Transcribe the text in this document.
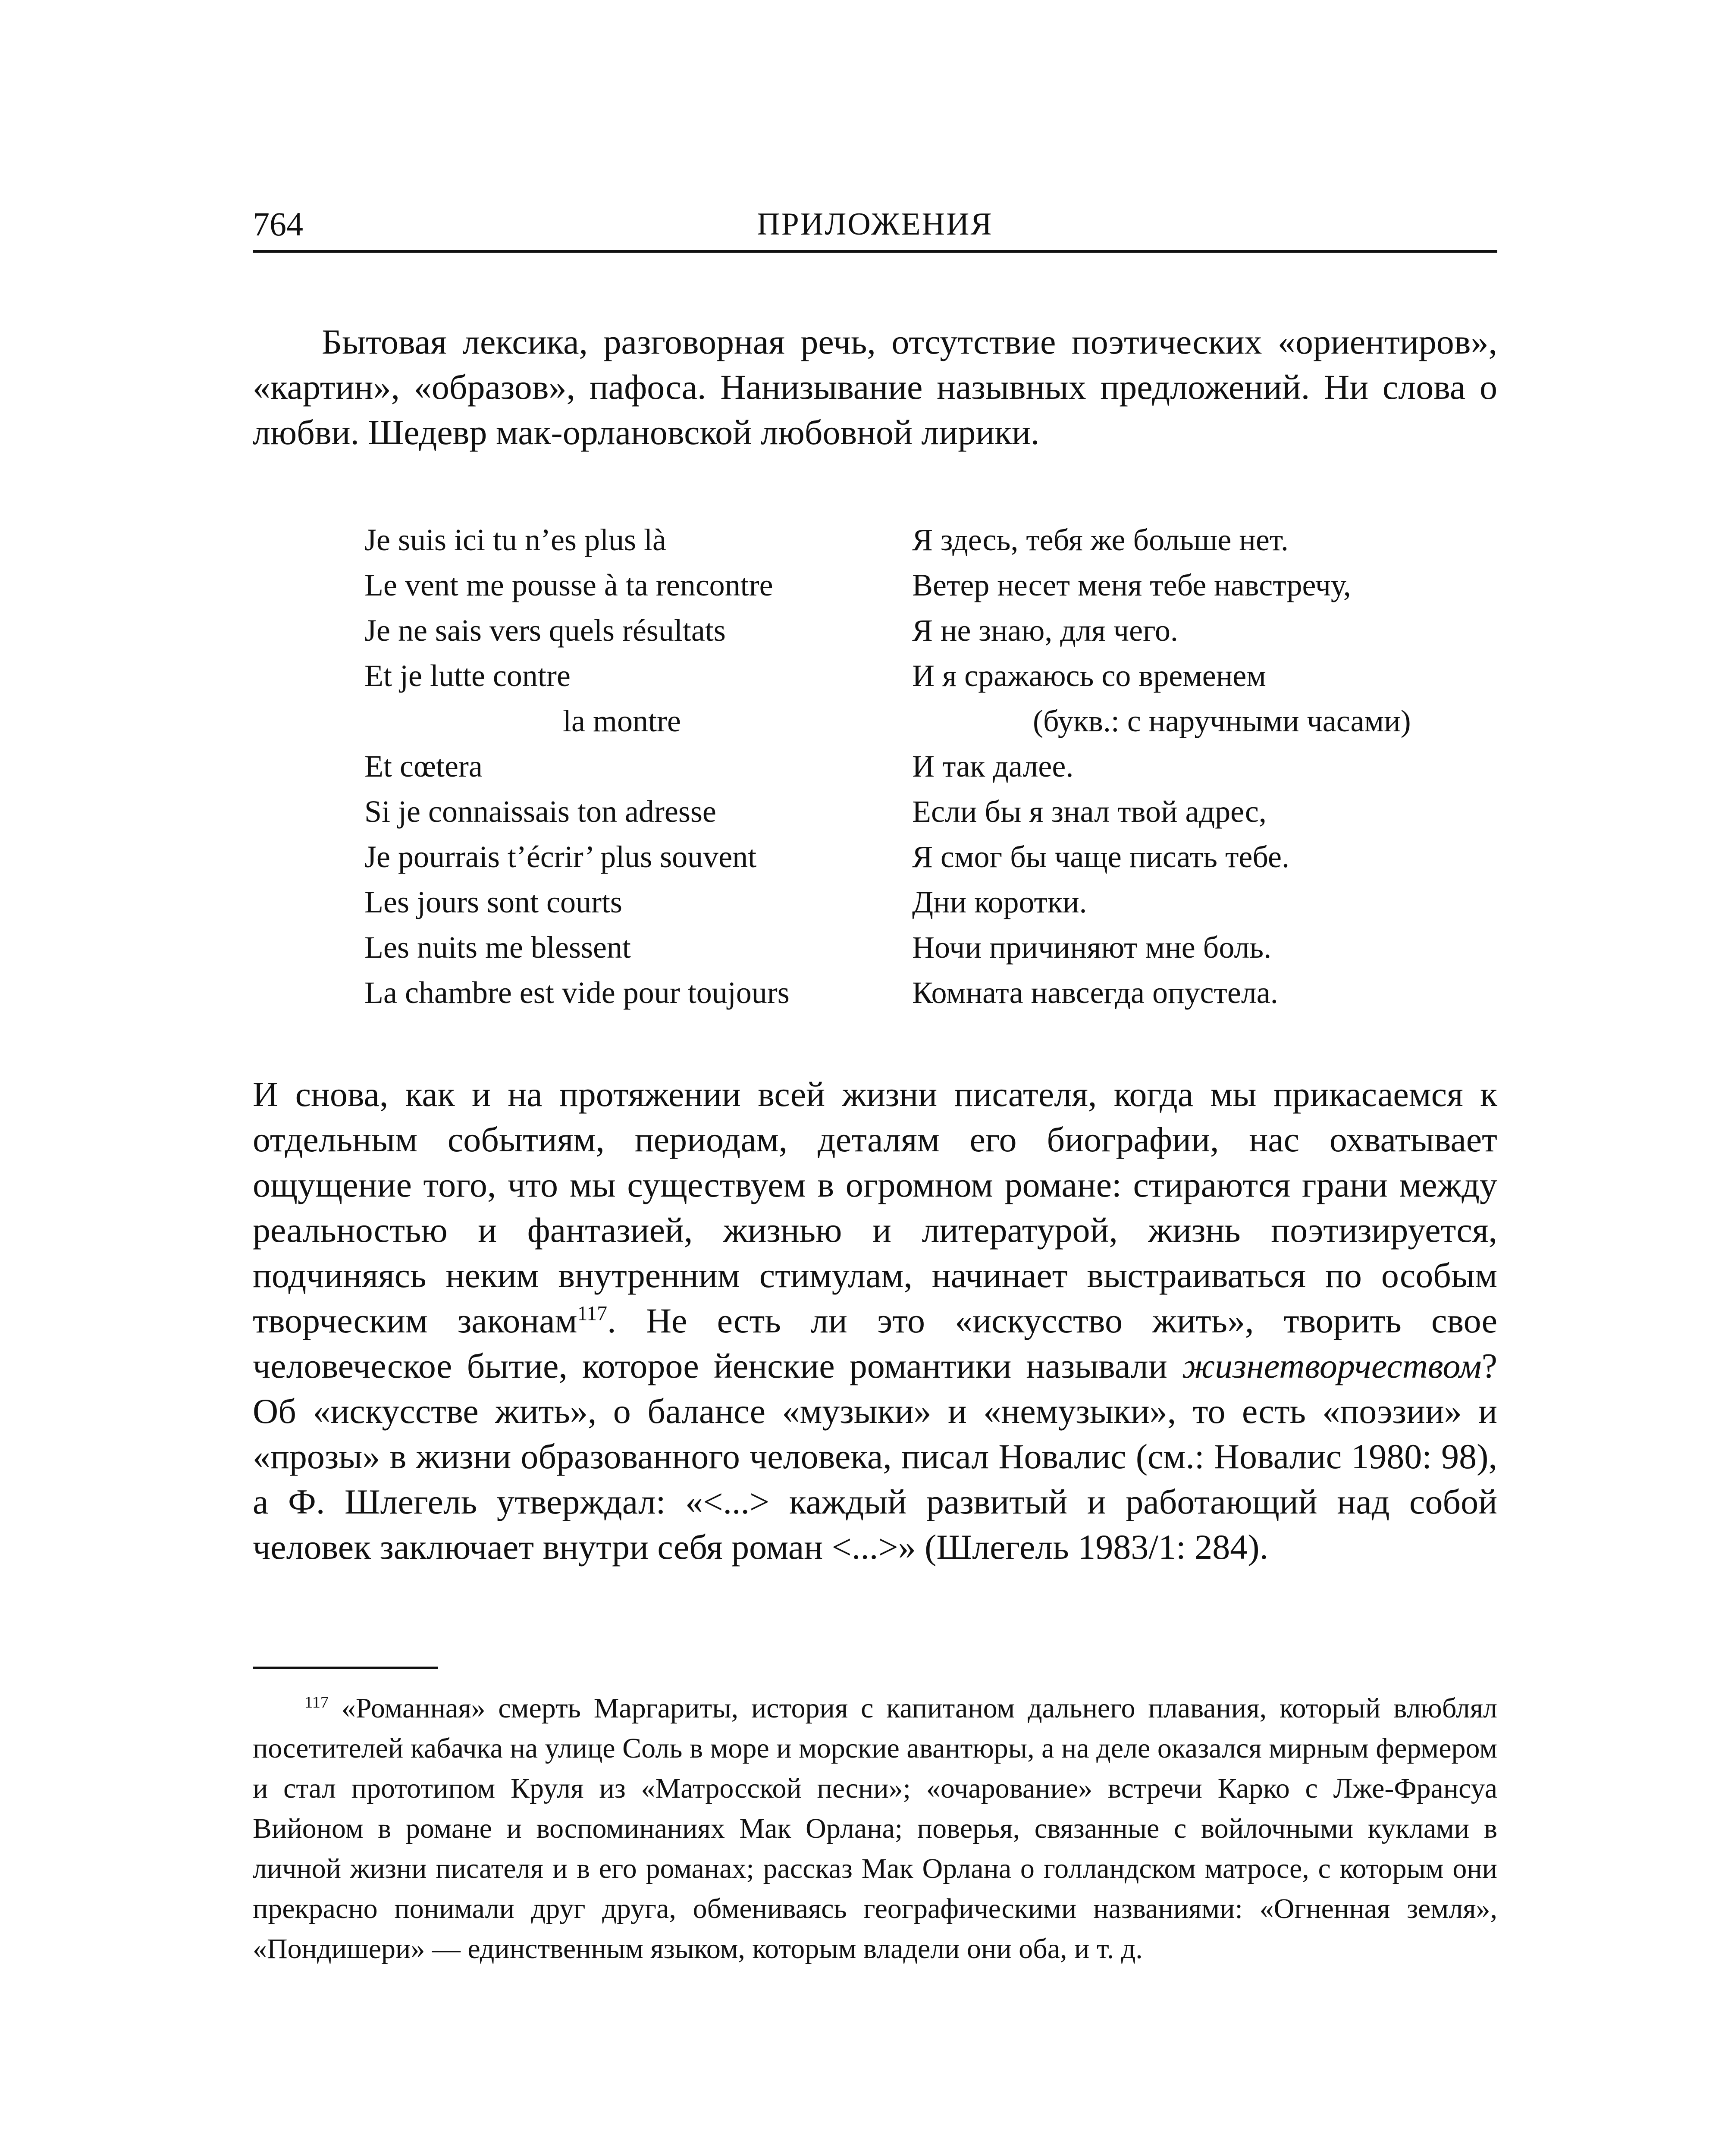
764	ПРИЛОЖЕНИЯ

Бытовая лексика, разговорная речь, отсутствие поэтических «ориентиров», «картин», «образов», пафоса. Нанизывание назывных предложений. Ни слова о любви. Шедевр мак-орлановской любовной лирики.

Je suis ici tu n’es plus là
Le vent me pousse à ta rencontre
Je ne sais vers quels résultats
Et je lutte contre
la montre
Et cœtera
Si je connaissais ton adresse
Je pourrais t’écrir’ plus souvent
Les jours sont courts
Les nuits me blessent
La chambre est vide pour toujours
Я здесь, тебя же больше нет.
Ветер несет меня тебе навстречу,
Я не знаю, для чего.
И я сражаюсь со временем
(букв.: с наручными часами)
И так далее.
Если бы я знал твой адрес,
Я смог бы чаще писать тебе.
Дни коротки.
Ночи причиняют мне боль.
Комната навсегда опустела.

И снова, как и на протяжении всей жизни писателя, когда мы прикасаемся к отдельным событиям, периодам, деталям его биографии, нас охватывает ощущение того, что мы существуем в огромном романе: стираются грани между реальностью и фантазией, жизнью и литературой, жизнь поэтизируется, подчиняясь неким внутренним стимулам, начинает выстраиваться по особым творческим законам$^{117}$. Не есть ли это «искусство жить», творить свое человеческое бытие, которое йенские романтики называли жизнетворчеством? Об «искусстве жить», о балансе «музыки» и «немузыки», то есть «поэзии» и «прозы» в жизни образованного человека, писал Новалис (см.: Новалис 1980: 98), а Ф. Шлегель утверждал: «<...> каждый развитый и работающий над собой человек заключает внутри себя роман <...>» (Шлегель 1983/1: 284).

$^{117}$ «Романная» смерть Маргариты, история с капитаном дальнего плавания, который влюблял посетителей кабачка на улице Соль в море и морские авантюры, а на деле оказался мирным фермером и стал прототипом Круля из «Матросской песни»; «очарование» встречи Карко с Лже-Франсуа Вийоном в романе и воспоминаниях Мак Орлана; поверья, связанные с войлочными куклами в личной жизни писателя и в его романах; рассказ Мак Орлана о голландском матросе, с которым они прекрасно понимали друг друга, обмениваясь географическими названиями: «Огненная земля», «Пондишери» — единственным языком, которым владели они оба, и т. д.
